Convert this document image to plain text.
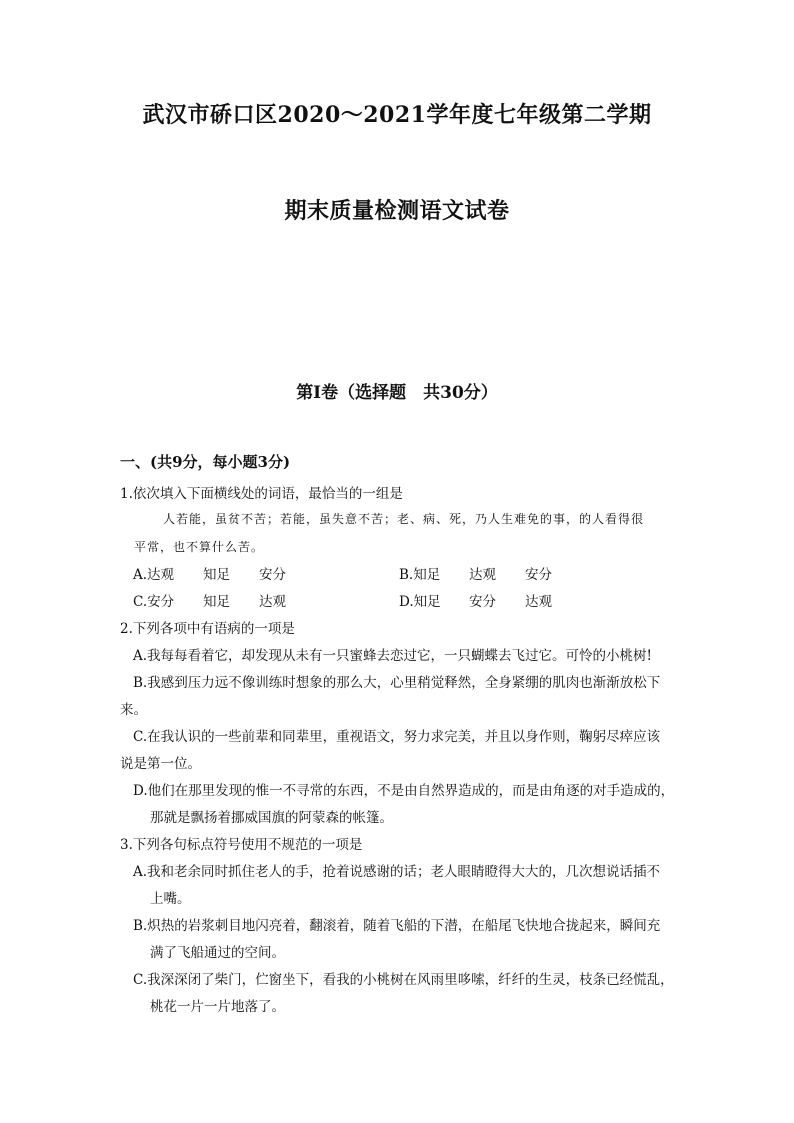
武汉市硚口区2020～2021学年度七年级第二学期
期末质量检测语文试卷
第Ⅰ卷（选择题　共30分）
一、(共9分，每小题3分)
1.依次填入下面横线处的词语，最恰当的一组是
人若能，虽贫不苦；若能，虽失意不苦；老、病、死，乃人生难免的事，的人看得很
平常，也不算什么苦。
A.达观 知足 安分	B.知足 达观 安分
C.安分 知足 达观	D.知足 安分 达观
2.下列各项中有语病的一项是
A.我每每看着它，却发现从未有一只蜜蜂去恋过它，一只蝴蝶去飞过它。可怜的小桃树!
B.我感到压力远不像训练时想象的那么大，心里稍觉释然，全身紧绷的肌肉也渐渐放松下
来。
C.在我认识的一些前辈和同辈里，重视语文，努力求完美，并且以身作则，鞠躬尽瘁应该
说是第一位。
D.他们在那里发现的惟一不寻常的东西，不是由自然界造成的，而是由角逐的对手造成的，
那就是飘扬着挪威国旗的阿蒙森的帐篷。
3.下列各句标点符号使用不规范的一项是
A.我和老余同时抓住老人的手，抢着说感谢的话；老人眼睛瞪得大大的，几次想说话插不
上嘴。
B.炽热的岩浆刺目地闪亮着，翻滚着，随着飞船的下潜，在船尾飞快地合拢起来，瞬间充
满了飞船通过的空间。
C.我深深闭了柴门，伫窗坐下，看我的小桃树在风雨里哆嗦，纤纤的生灵，枝条已经慌乱，
桃花一片一片地落了。
